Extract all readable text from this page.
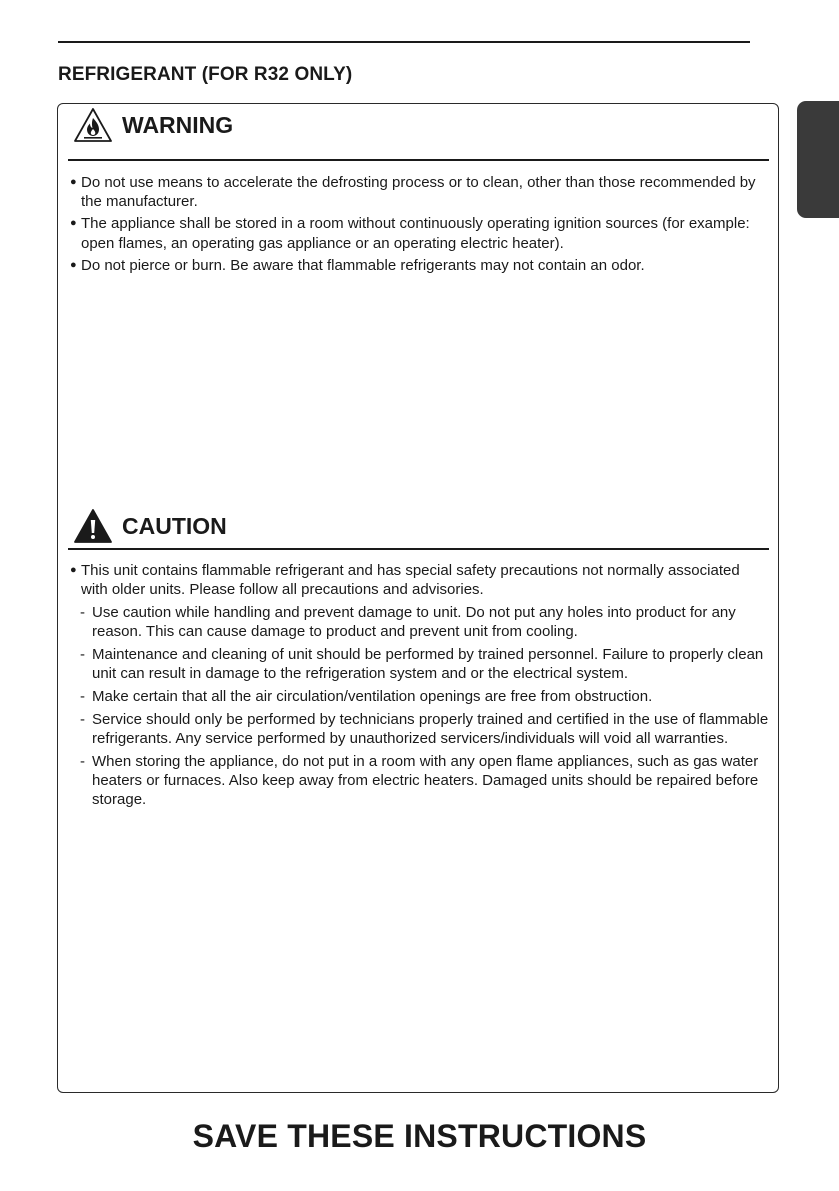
REFRIGERANT (FOR R32 ONLY)
WARNING
● Do not use means to accelerate the defrosting process or to clean, other than those recommended by the manufacturer.
● The appliance shall be stored in a room without continuously operating ignition sources (for example: open flames, an operating gas appliance or an operating electric heater).
● Do not pierce or burn. Be aware that flammable refrigerants may not contain an odor.
CAUTION
● This unit contains flammable refrigerant and has special safety precautions not normally associated with older units. Please follow all precautions and advisories.
- Use caution while handling and prevent damage to unit. Do not put any holes into product for any reason. This can cause damage to product and prevent unit from cooling.
- Maintenance and cleaning of unit should be performed by trained personnel. Failure to properly clean unit can result in damage to the refrigeration system and or the electrical system.
- Make certain that all the air circulation/ventilation openings are free from obstruction.
- Service should only be performed by technicians properly trained and certified in the use of flammable refrigerants. Any service performed by unauthorized servicers/individuals will void all warranties.
- When storing the appliance, do not put in a room with any open flame appliances, such as gas water heaters or furnaces. Also keep away from electric heaters. Damaged units should be repaired before storage.
SAVE THESE INSTRUCTIONS
